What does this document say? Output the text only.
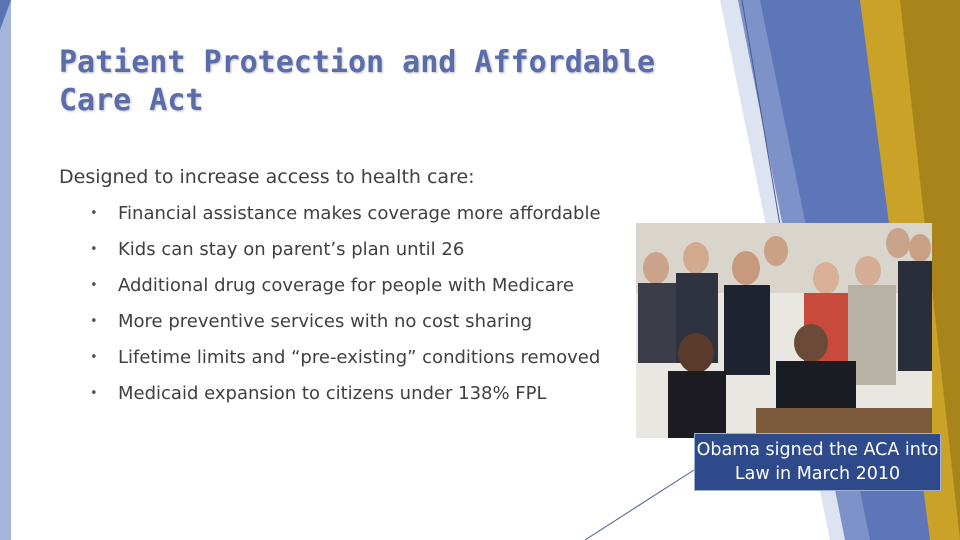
Patient Protection and Affordable Care Act

Designed to increase access to health care:

• Financial assistance makes coverage more affordable
• Kids can stay on parent’s plan until 26
• Additional drug coverage for people with Medicare
• More preventive services with no cost sharing
• Lifetime limits and “pre-existing” conditions removed
• Medicaid expansion to citizens under 138% FPL
Obama signed the ACA into Law in March 2010
